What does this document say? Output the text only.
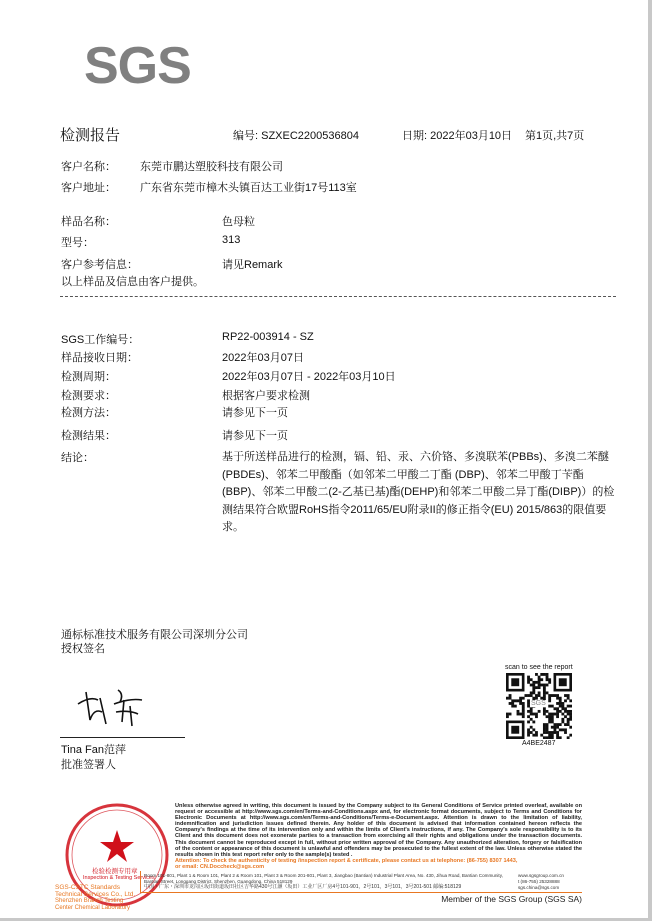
SGS
检测报告	编号: SZXEC2200536804	日期: 2022年03月10日 第1页,共7页
客户名称： 东莞市鹏达塑胶科技有限公司
客户地址： 广东省东莞市樟木头镇百达工业街17号113室
样品名称：	色母粒
型号：	313
客户参考信息：	请见Remark
以上样品及信息由客户提供。
SGS工作编号：	RP22-003914 - SZ
样品接收日期：	2022年03月07日
检测周期：	2022年03月07日 - 2022年03月10日
检测要求：	根据客户要求检测
检测方法：	请参见下一页
检测结果：	请参见下一页
结论：	基于所送样品进行的检测，镉、铅、汞、六价铬、多溴联苯(PBBs)、多溴二苯醚(PBDEs)、邻苯二甲酸酯（如邻苯二甲酸二丁酯 (DBP)、邻苯二甲酸丁苄酯(BBP)、邻苯二甲酸二(2-乙基已基)酯(DEHP)和邻苯二甲酸二异丁酯(DIBP)）的检测结果符合欧盟RoHS指令2011/65/EU附录II的修正指令(EU) 2015/863的限值要求。
通标标准技术服务有限公司深圳分公司
授权签名
Tina Fan范萍
批准签署人
scan to see the report
SGS
A4BE2487
检验检测专用章
Inspection & Testing Services
SGS-CSTC Standards Technical Services Co., Ltd.
Shenzhen Branch Testing Center Chemical Laboratory
Unless otherwise agreed in writing, this document is issued by the Company subject to its General Conditions of Service printed overleaf, available on request or accessible at http://www.sgs.com/en/Terms-and-Conditions.aspx and, for electronic format documents, subject to Terms and Conditions for Electronic Documents at http://www.sgs.com/en/Terms-and-Conditions/Terms-e-Document.aspx. Attention is drawn to the limitation of liability, indemnification and jurisdiction issues defined therein. Any holder of this document is advised that information contained hereon reflects the Company's findings at the time of its intervention only and within the limits of Client's instructions, if any. The Company's sole responsibility is to its Client and this document does not exonerate parties to a transaction from exercising all their rights and obligations under the transaction documents. This document cannot be reproduced except in full, without prior written approval of the Company. Any unauthorized alteration, forgery or falsification of the content or appearance of this document is unlawful and offenders may be prosecuted to the fullest extent of the law. Unless otherwise stated the results shown in this test report refer only to the sample(s) tested .
Attention: To check the authenticity of testing /inspection report & certificate, please contact us at telephone: (86-755) 8307 1443,
or email: CN.Doccheck@sgs.com
Room 101-801, Plant 1 & Room 101, Plant 2 & Room 101, Plant 3 & Room 201-801, Plant 3, Jiangbao (Bantian) Industrial Plant Area, No. 430, Jihua Road, Bantian Community, Bantian Street, Longgang District, Shenzhen, Guangdong, China 518129
中国・广东・深圳市龙岗区坂田街道坂田社区吉华路430号江灏（坂田）工业厂区厂房4号101-901，2号101，3号101，3号201-501 邮编:518129
www.sgsgroup.com.cn
t (86-755) 25328888
sgs.china@sgs.com
Member of the SGS Group (SGS SA)
